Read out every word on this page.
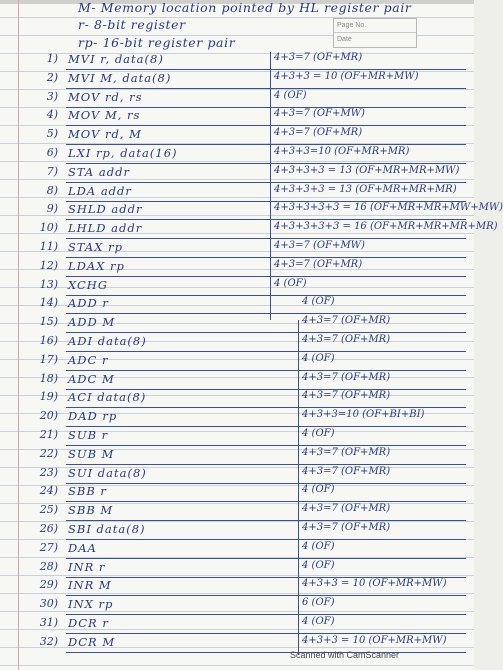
M- Memory location pointed by HL register pair
r- 8-bit register
rp- 16-bit register pair
Page No.
Date
1) MVI r, data(8)	4+3=7 (OF+MR)
2) MVI M, data(8)	4+3+3 = 10 (OF+MR+MW)
3) MOV rd, rs	4 (OF)
4) MOV M, rs	4+3=7 (OF+MW)
5) MOV rd, M	4+3=7 (OF+MR)
6) LXI rp, data(16)	4+3+3=10 (OF+MR+MR)
7) STA addr	4+3+3+3 = 13 (OF+MR+MR+MW)
8) LDA addr	4+3+3+3 = 13 (OF+MR+MR+MR)
9) SHLD addr	4+3+3+3+3 = 16 (OF+MR+MR+MW+MW)
10) LHLD addr	4+3+3+3+3 = 16 (OF+MR+MR+MR+MR)
11) STAX rp	4+3=7 (OF+MW)
12) LDAX rp	4+3=7 (OF+MR)
13) XCHG	4 (OF)
14) ADD r	4 (OF)
15) ADD M	4+3=7 (OF+MR)
16) ADI data(8)	4+3=7 (OF+MR)
17) ADC r	4 (OF)
18) ADC M	4+3=7 (OF+MR)
19) ACI data(8)	4+3=7 (OF+MR)
20) DAD rp	4+3+3=10 (OF+BI+BI)
21) SUB r	4 (OF)
22) SUB M	4+3=7 (OF+MR)
23) SUI data(8)	4+3=7 (OF+MR)
24) SBB r	4 (OF)
25) SBB M	4+3=7 (OF+MR)
26) SBI data(8)	4+3=7 (OF+MR)
27) DAA	4 (OF)
28) INR r	4 (OF)
29) INR M	4+3+3 = 10 (OF+MR+MW)
30) INX rp	6 (OF)
31) DCR r	4 (OF)
32) DCR M	4+3+3 = 10 (OF+MR+MW)
Scanned with CamScanner
